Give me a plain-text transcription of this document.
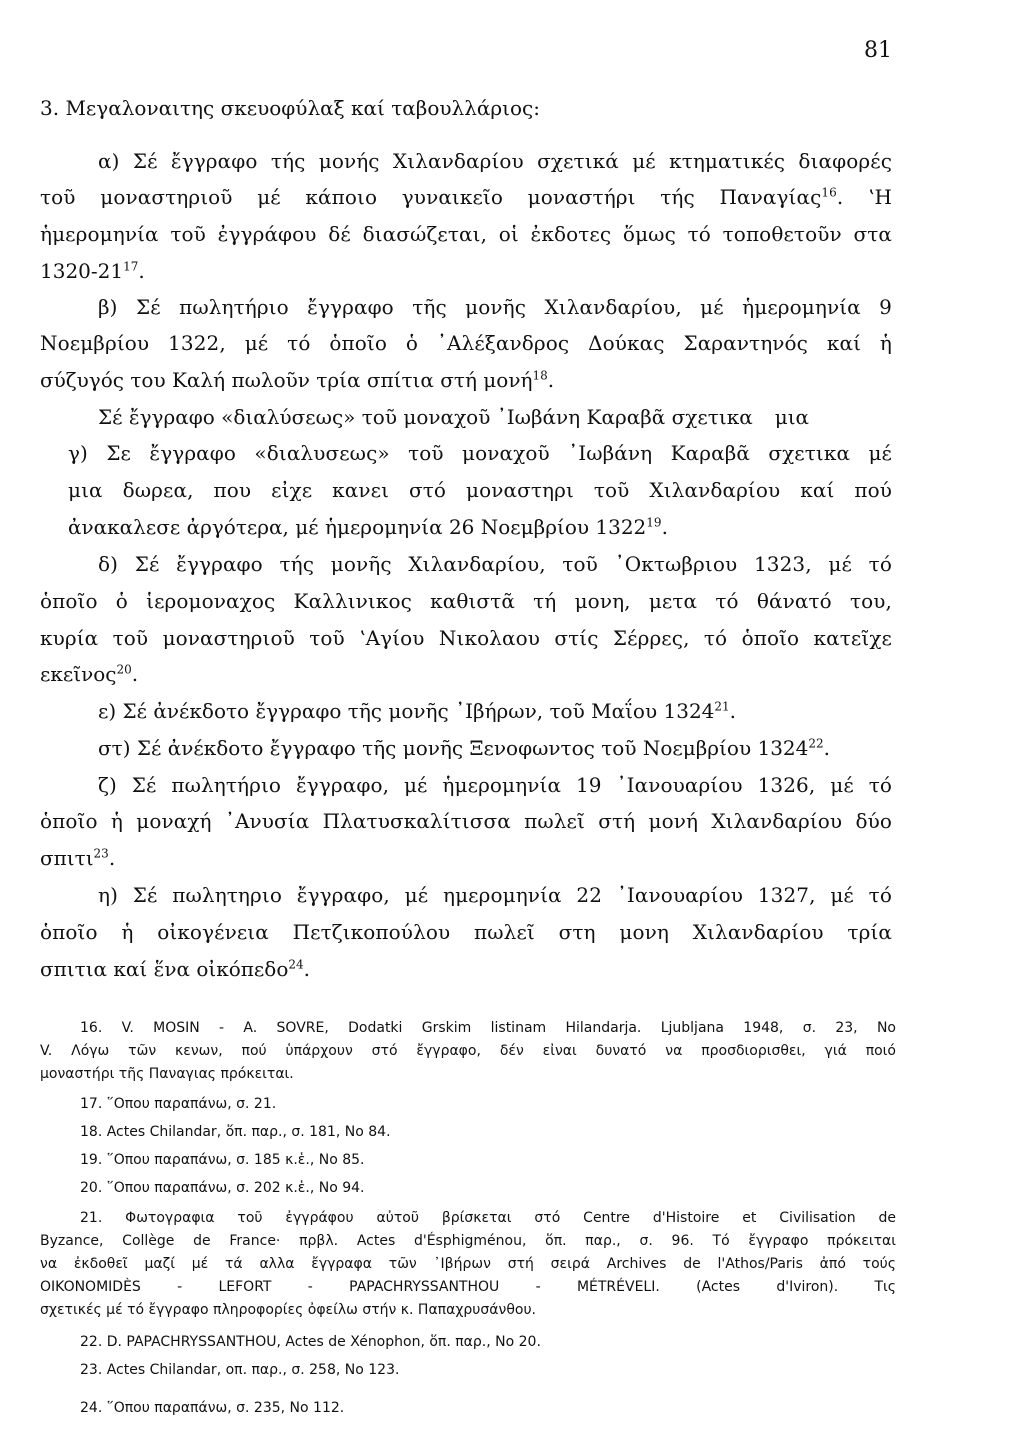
81
3. Μεγαλοναιτης σκευοφύλαξ καί ταβουλλάριος:
α) Σέ ἔγγραφο τής μονής Χιλανδαρίου σχετικά μέ κτηματικές διαφορές
τοῦ μοναστηριοῦ μέ κάποιο γυναικεῖο μοναστήρι τής Παναγίας$^{16}$. ʽΗ
ἡμερομηνία τοῦ ἐγγράφου δέ διασώζεται, οἱ ἐκδοτες ὅμως τό τοποθετοῦν στα
$1320-21^{17}$.
β) Σέ πωλητήριο ἔγγραφο τῆς μονῆς Χιλανδαρίου, μέ ἡμερομηνία 9
Νοεμβρίου 1322, μέ τό ὁποῖο ὁ ᾽Αλέξανδρος Δούκας Σαραντηνός καί ἡ
σύζυγός του Καλή πωλοῦν τρία σπίτια στή μονή$^{18}$.
Σέ ἔγγραφο «διαλύσεως» τοῦ μοναχοῦ ᾽Ιωβάνη Καραβᾶ σχετικα μια
γ) Σε ἔγγραφο «διαλυσεως» τοῦ μοναχοῦ ᾽Ιωβάνη Καραβᾶ σχετικα μέ
μια δωρεα, που εἰχε κανει στό μοναστηρι τοῦ Χιλανδαρίου καί πού
ἀνακαλεσε ἀργότερα, μέ ἡμερομηνία 26 Νοεμβρίου 1322$^{19}$.
δ) Σέ ἔγγραφο τής μονῆς Χιλανδαρίου, τοῦ ᾽Οκτωβριου 1323, μέ τό
ὁποῖο ὁ ἱερομοναχος Καλλινικος καθιστᾶ τή μονη, μετα τό θάνατό του,
κυρία τοῦ μοναστηριοῦ τοῦ ʽΑγίου Νικολαου στίς Σέρρες, τό ὁποῖο κατεῖχε
εκεῖνος$^{20}$.
ε) Σέ ἀνέκδοτο ἔγγραφο τῆς μονῆς ᾽Ιβήρων, τοῦ Μαΐου 1324$^{21}$.
στ) Σέ ἀνέκδοτο ἔγγραφο τῆς μονῆς Ξενοφωντος τοῦ Νοεμβρίου 1324$^{22}$.
ζ) Σέ πωλητήριο ἔγγραφο, μέ ἡμερομηνία 19 ᾽Ιανουαρίου 1326, μέ τό
ὁποῖο ἡ μοναχή ᾽Ανυσία Πλατυσκαλίτισσα πωλεῖ στή μονή Χιλανδαρίου δύο
σπιτι$^{23}$.
η) Σέ πωλητηριο ἔγγραφο, μέ ημερομηνία 22 ᾽Ιανουαρίου 1327, μέ τό
ὁποῖο ἡ οἰκογένεια Πετζικοπούλου πωλεῖ στη μονη Χιλανδαρίου τρία
σπιτια καί ἕνα οἰκόπεδο$^{24}$.
16. V. MOSIN - A. SOVRE, Dodatki Grskim listinam Hilandarja. Ljubljana 1948, σ. 23, No
V. Λόγω τῶν κενων, πού ὑπάρχουν στό ἔγγραφο, δέν εἰναι δυνατό να προσδιορισθει, γιά ποιό
μοναστήρι τῆς Παναγιας πρόκειται.
17. ῞Οπου παραπάνω, σ. 21.
18. Actes Chilandar, ὅπ. παρ., σ. 181, No 84.
19. ῞Οπου παραπάνω, σ. 185 κ.ἑ., No 85.
20. ῞Οπου παραπάνω, σ. 202 κ.ἑ., No 94.
21. Φωτογραφια τοῦ ἐγγράφου αὐτοῦ βρίσκεται στό Centre d'Histoire et Civilisation de
Byzance, Collège de France· πρβλ. Actes d'Ésphigménou, ὅπ. παρ., σ. 96. Τό ἔγγραφο πρόκειται
να ἐκδοθεῖ μαζί μέ τά αλλα ἔγγραφα τῶν ᾽Ιβήρων στή σειρά Archives de l'Athos/Paris ἀπό τούς
OIKONOMIDÈS - LEFORT - PAPACHRYSSANTHOU - MÉTRÉVELI. (Actes d'Iviron). Τις
σχετικές μέ τό ἔγγραφο πληροφορίες ὀφείλω στήν κ. Παπαχρυσάνθου.
22. D. PAPACHRYSSANTHOU, Actes de Xénophon, ὅπ. παρ., No 20.
23. Actes Chilandar, οπ. παρ., σ. 258, No 123.
24. ῞Οπου παραπάνω, σ. 235, No 112.
